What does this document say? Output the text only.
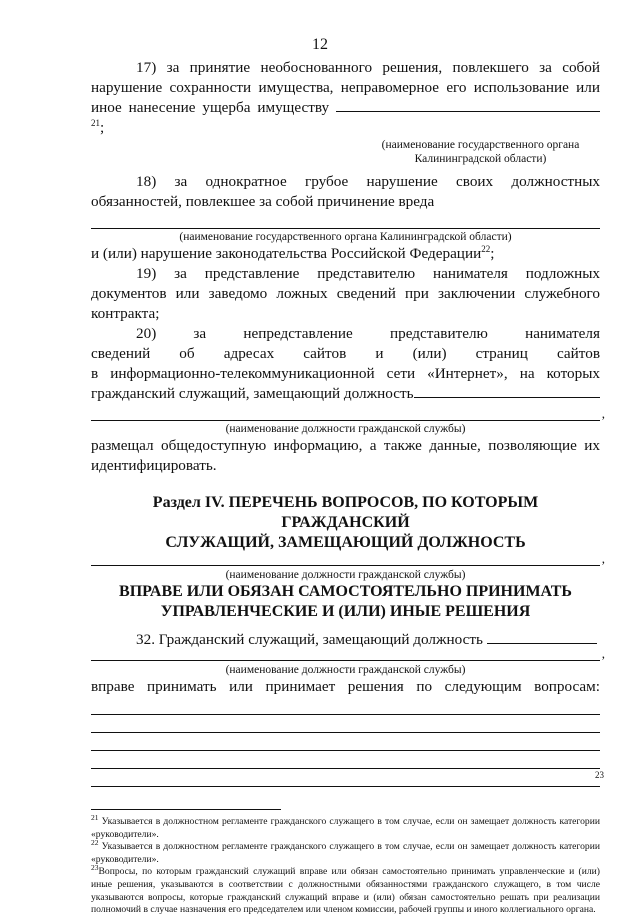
12

17) за принятие необоснованного решения, повлекшего за собой

нарушение сохранности имущества, неправомерное его использование или

иное нанесение ущерба имуществу $^{21}$;

(наименование государственного органа

Калининградской области)

18) за однократное грубое нарушение своих должностных

обязанностей, повлекшее за собой причинение вреда

(наименование государственного органа Калининградской области)

и (или) нарушение законодательства Российской Федерации$^{22}$;

19) за представление представителю нанимателя подложных

документов или заведомо ложных сведений при заключении служебного

контракта;

20) за непредставление представителю нанимателя

сведений об адресах сайтов и (или) страниц сайтов

в информационно-телекоммуникационной сети «Интернет», на которых

гражданский служащий, замещающий должность

,

(наименование должности гражданской службы)

размещал общедоступную информацию, а также данные, позволяющие их

идентифицировать.

Раздел IV. ПЕРЕЧЕНЬ ВОПРОСОВ, ПО КОТОРЫМ ГРАЖДАНСКИЙ

СЛУЖАЩИЙ, ЗАМЕЩАЮЩИЙ ДОЛЖНОСТЬ

,

(наименование должности гражданской службы)

ВПРАВЕ ИЛИ ОБЯЗАН САМОСТОЯТЕЛЬНО ПРИНИМАТЬ

УПРАВЛЕНЧЕСКИЕ И (ИЛИ) ИНЫЕ РЕШЕНИЯ

32. Гражданский служащий, замещающий должность

,

(наименование должности гражданской службы)

вправе принимать или принимает решения по следующим вопросам:

23

$^{21}$ Указывается в должностном регламенте гражданского служащего в том случае, если он замещает должность категории «руководители».

$^{22}$ Указывается в должностном регламенте гражданского служащего в том случае, если он замещает должность категории «руководители».

$^{23}$Вопросы, по которым гражданский служащий вправе или обязан самостоятельно принимать управленческие и (или) иные решения, указываются в соответствии с должностными обязанностями гражданского служащего, в том числе указываются вопросы, которые гражданский служащий вправе и (или) обязан самостоятельно решать при реализации полномочий в случае назначения его председателем или членом комиссии, рабочей группы и иного коллегиального органа.
